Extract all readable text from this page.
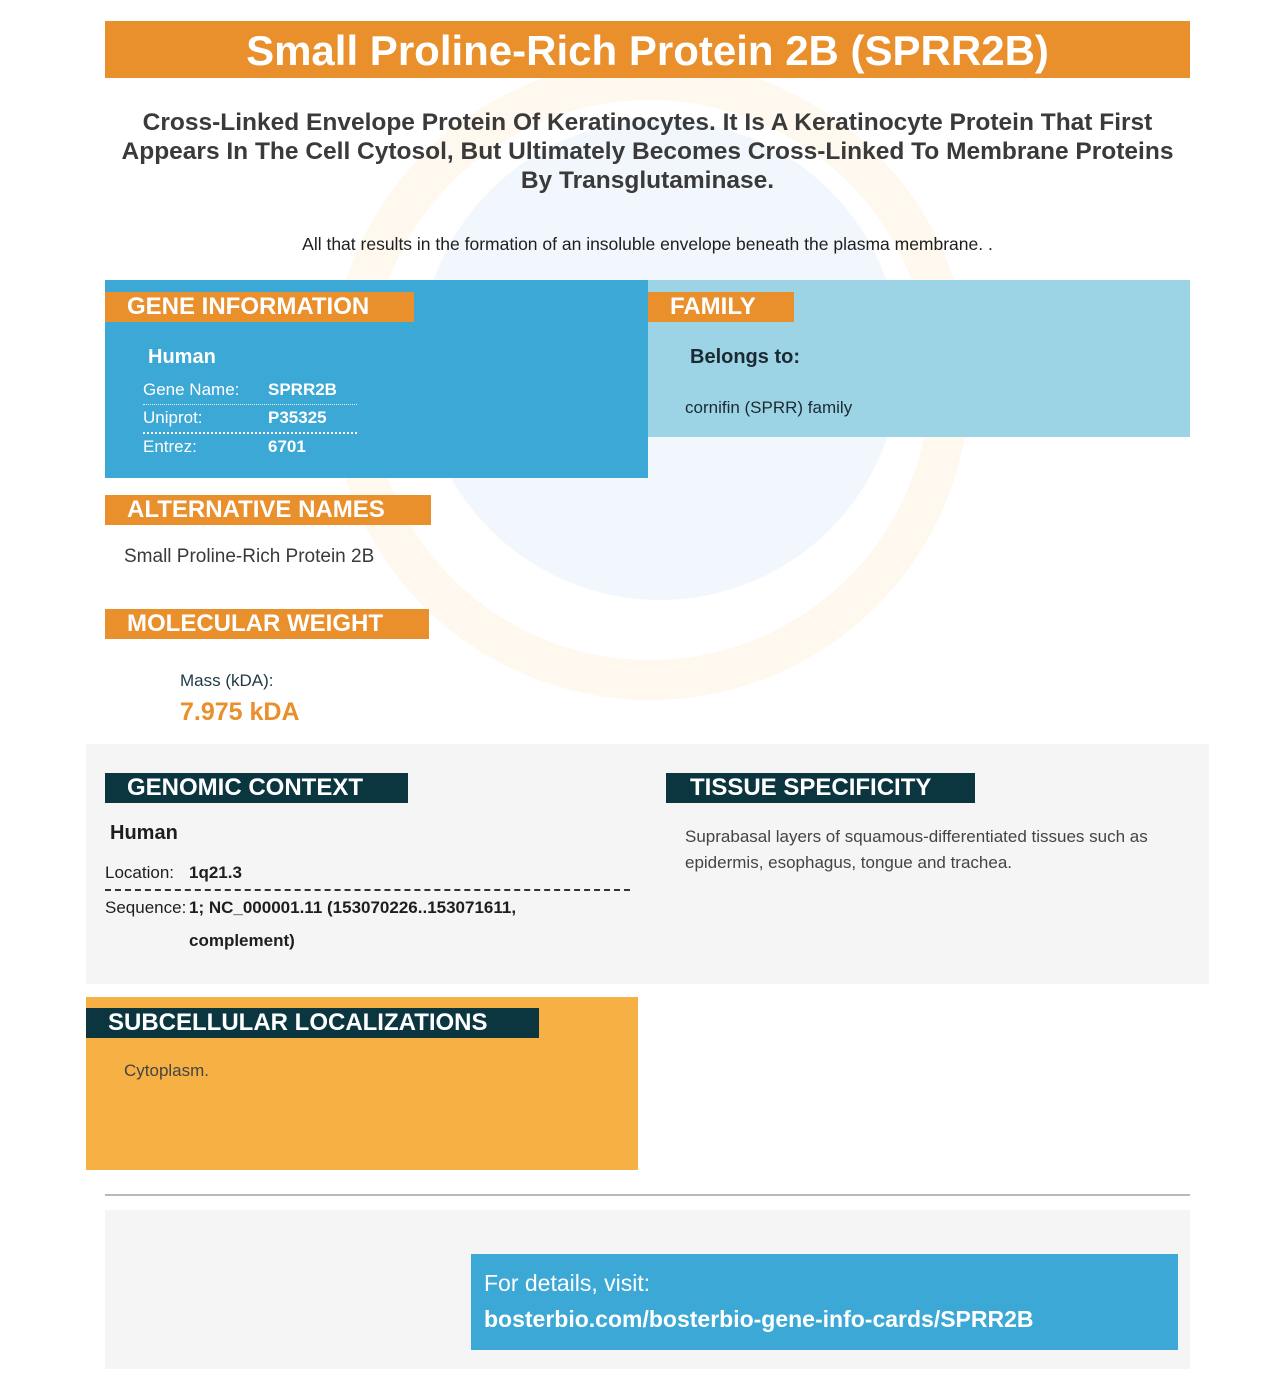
Small Proline-Rich Protein 2B (SPRR2B)
Cross-Linked Envelope Protein Of Keratinocytes. It Is A Keratinocyte Protein That First Appears In The Cell Cytosol, But Ultimately Becomes Cross-Linked To Membrane Proteins By Transglutaminase.
All that results in the formation of an insoluble envelope beneath the plasma membrane. .
GENE INFORMATION
Human
Gene Name: SPRR2B
Uniprot:	P35325
Entrez:	6701
FAMILY
Belongs to:
cornifin (SPRR) family
ALTERNATIVE NAMES
Small Proline-Rich Protein 2B
MOLECULAR WEIGHT
Mass (kDA):
7.975 kDA
GENOMIC CONTEXT
Human
Location: 1q21.3
Sequence: 1; NC_000001.11 (153070226..153071611, complement)
TISSUE SPECIFICITY
Suprabasal layers of squamous-differentiated tissues such as epidermis, esophagus, tongue and trachea.
SUBCELLULAR LOCALIZATIONS
Cytoplasm.
For details, visit:
bosterbio.com/bosterbio-gene-info-cards/SPRR2B
